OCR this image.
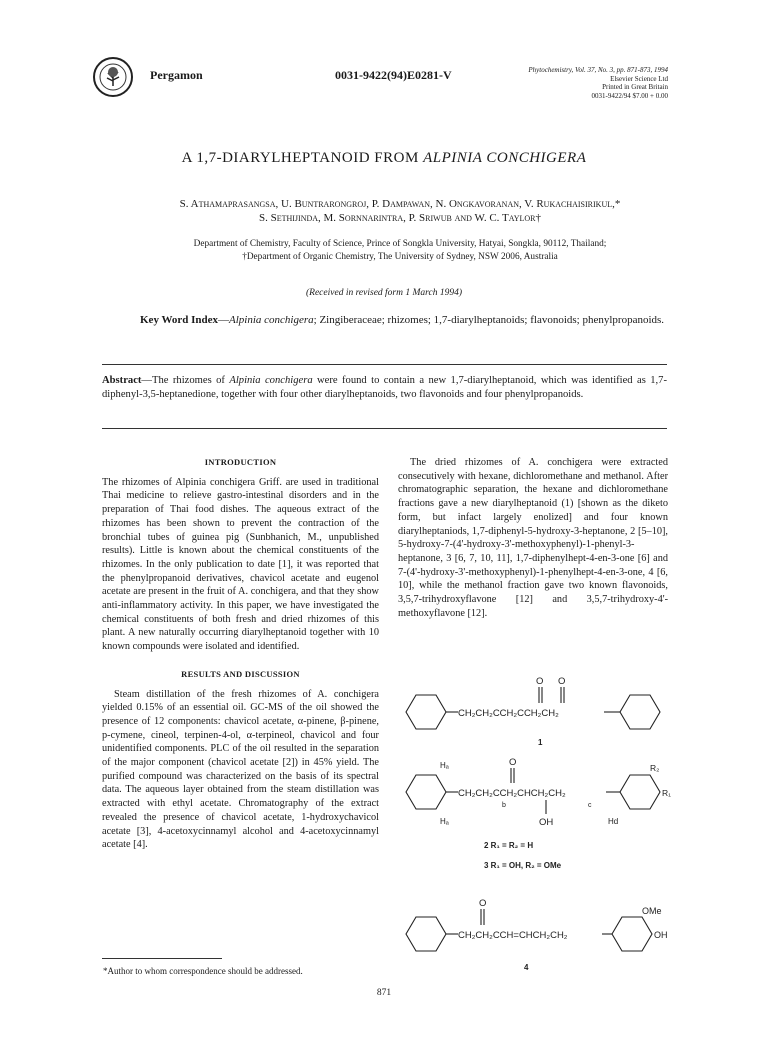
Pergamon	0031-9422(94)E0281-V	Phytochemistry, Vol. 37, No. 3, pp. 871-873, 1994
Elsevier Science Ltd
Printed in Great Britain
0031-9422/94 $7.00 + 0.00
A 1,7-DIARYLHEPTANOID FROM ALPINIA CONCHIGERA
S. Athamaprasangsa, U. Buntrarongroj, P. Dampawan, N. Ongkavoranan, V. Rukachaisirikul,*
S. Sethijinda, M. Sornnarintra, P. Sriwub and W. C. Taylor†
Department of Chemistry, Faculty of Science, Prince of Songkla University, Hatyai, Songkla, 90112, Thailand;
†Department of Organic Chemistry, The University of Sydney, NSW 2006, Australia
(Received in revised form 1 March 1994)
Key Word Index—Alpinia conchigera; Zingiberaceae; rhizomes; 1,7-diarylheptanoids; flavonoids; phenylpropanoids.
Abstract—The rhizomes of Alpinia conchigera were found to contain a new 1,7-diarylheptanoid, which was identified as 1,7-diphenyl-3,5-heptanedione, together with four other diarylheptanoids, two flavonoids and four phenylpropanoids.
INTRODUCTION

The rhizomes of Alpinia conchigera Griff. are used in traditional Thai medicine to relieve gastro-intestinal disorders and in the preparation of Thai food dishes. The aqueous extract of the rhizomes has been shown to prevent the contraction of the bronchial tubes of guinea pig (Sunbhanich, M., unpublished results). Little is known about the chemical constituents of the rhizomes. In the only publication to date [1], it was reported that the phenylpropanoid derivatives, chavicol acetate and eugenol acetate are present in the fruit of A. conchigera, and that they show anti-inflammatory activity. In this paper, we have investigated the chemical constituents of both fresh and dried rhizomes of this plant. A new naturally occurring diarylheptanoid together with 10 known compounds were isolated and identified.

RESULTS AND DISCUSSION

Steam distillation of the fresh rhizomes of A. conchigera yielded 0.15% of an essential oil. GC-MS of the oil showed the presence of 12 components: chavicol acetate, α-pinene, β-pinene, p-cymene, cineol, terpinen-4-ol, α-terpineol, chavicol and four unidentified components. PLC of the oil resulted in the separation of the major component (chavicol acetate [2]) in 45% yield. The purified compound was characterized on the basis of its spectral data. The aqueous layer obtained from the steam distillation was extracted with ethyl acetate. Chromatography of the extract revealed the presence of chavicol acetate, 1-hydroxychavicol acetate [3], 4-acetoxycinnamyl alcohol and 4-acetoxycinnamyl acetate [4].

The dried rhizomes of A. conchigera were extracted consecutively with hexane, dichloromethane and methanol. After chromatographic separation, the hexane and dichloromethane fractions gave a new diarylheptanoid (1) [shown as the diketo form, but infact largely enolized] and four known diarylheptaniods, 1,7-diphenyl-5-hydroxy-3-heptanone, 2 [5–10], 5-hydroxy-7-(4'-hydroxy-3'-methoxyphenyl)-1-phenyl-3-heptanone, 3 [6, 7, 10, 11], 1,7-diphenylhept-4-en-3-one [6] and 7-(4'-hydroxy-3'-methoxyphenyl)-1-phenylhept-4-en-3-one, 4 [6, 10], while the methanol fraction gave two known flavonoids, 3,5,7-trihydroxyflavone [12] and 3,5,7-trihydroxy-4'-methoxyflavone [12].

O O
CH₂CH₂CCH₂CCH₂CH₂
1
Hₐ
Hₐ
O
CH₂CH₂CCH₂CHCH₂CH₂
b	c
OH	Hd
R₁
R₂
2 R₁ = R₂ = H
3 R₁ = OH, R₂ = OMe
O
CH₂CH₂CCH=CHCH₂CH₂
OMe
OH
4
*Author to whom correspondence should be addressed.
871
